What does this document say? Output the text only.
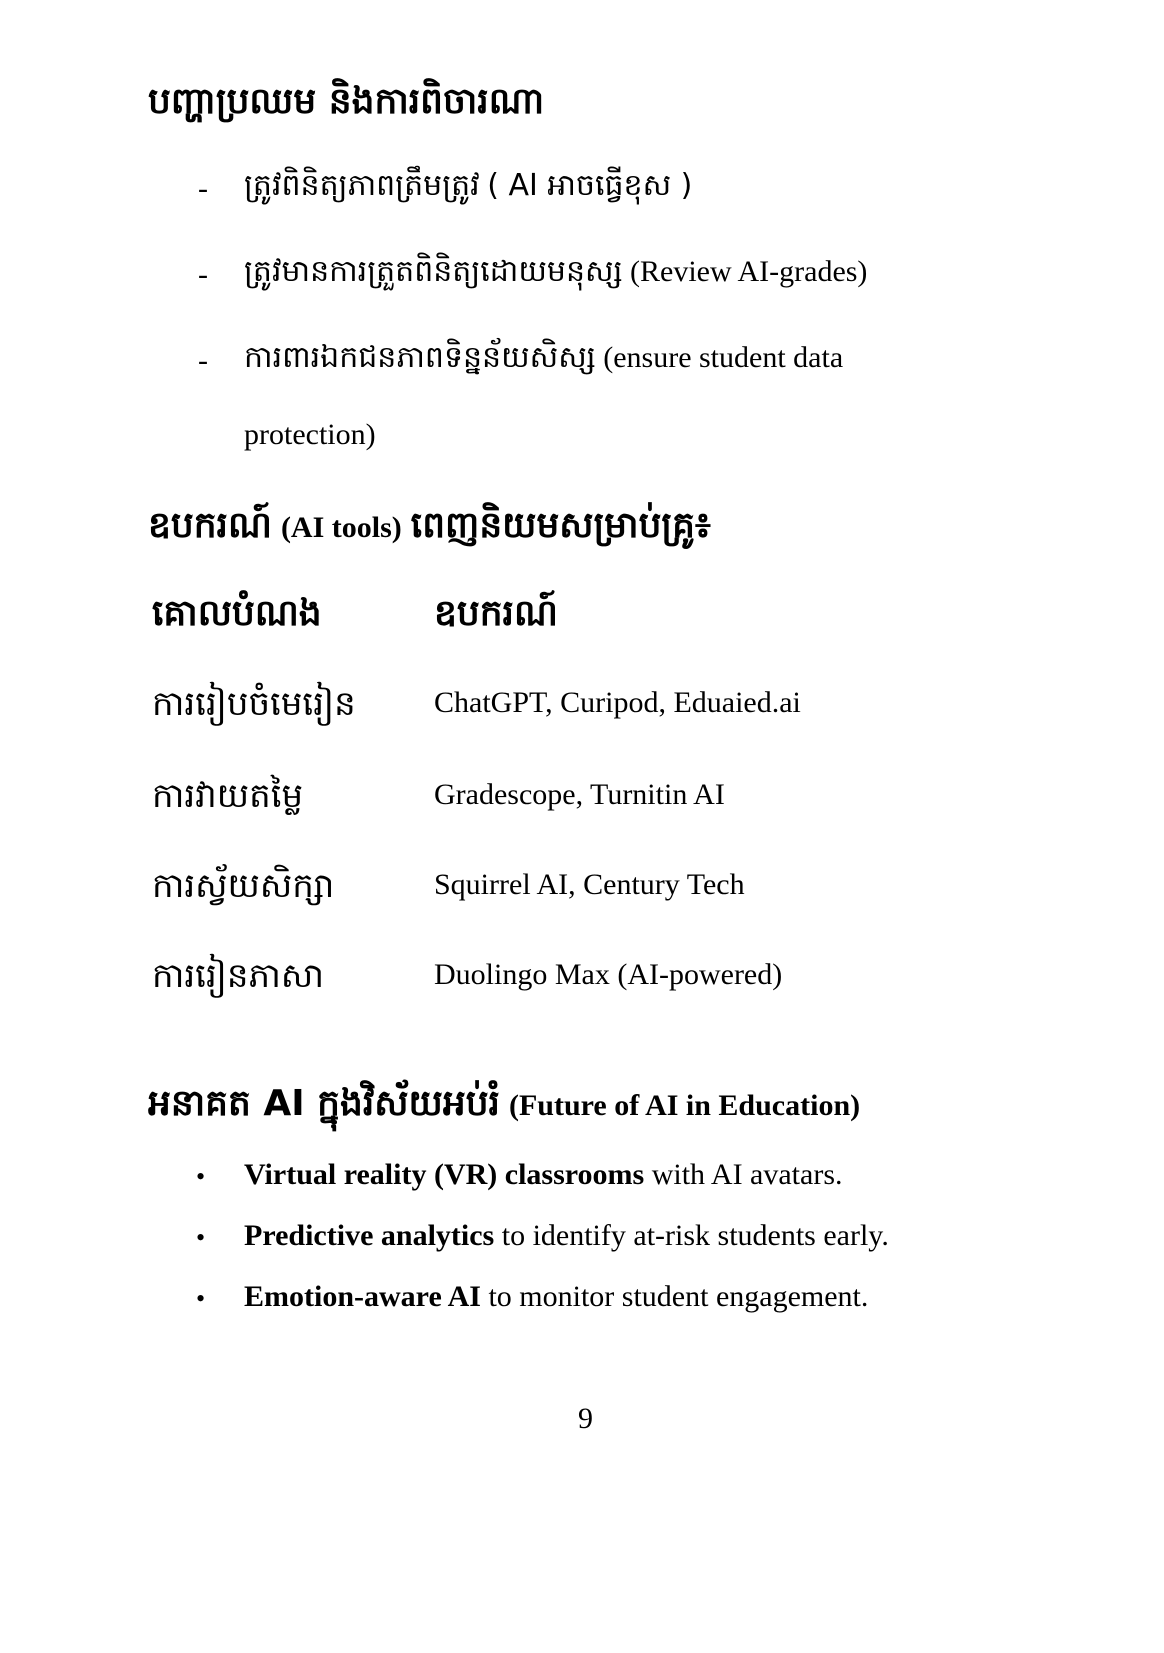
បញ្ហាប្រឈម និងការពិចារណា
- ត្រូវពិនិត្យភាពត្រឹមត្រូវ ( AI អាចធ្វើខុស )
- ត្រូវមានការត្រួតពិនិត្យដោយមនុស្ស (Review AI-grades)
- ការពារឯកជនភាពទិន្នន័យសិស្ស (ensure student data
protection)
ឧបករណ៍ (AI tools) ពេញនិយមសម្រាប់គ្រូ៖
គោលបំណង	ឧបករណ៍
ការរៀបចំមេរៀន	ChatGPT, Curipod, Eduaied.ai
ការវាយតម្លៃ	Gradescope, Turnitin AI
ការស្វ័យសិក្សា	Squirrel AI, Century Tech
ការរៀនភាសា	Duolingo Max (AI-powered)
អនាគត AI ក្នុងវិស័យអប់រំ (Future of AI in Education)
• Virtual reality (VR) classrooms with AI avatars.
• Predictive analytics to identify at-risk students early.
• Emotion-aware AI to monitor student engagement.
9
